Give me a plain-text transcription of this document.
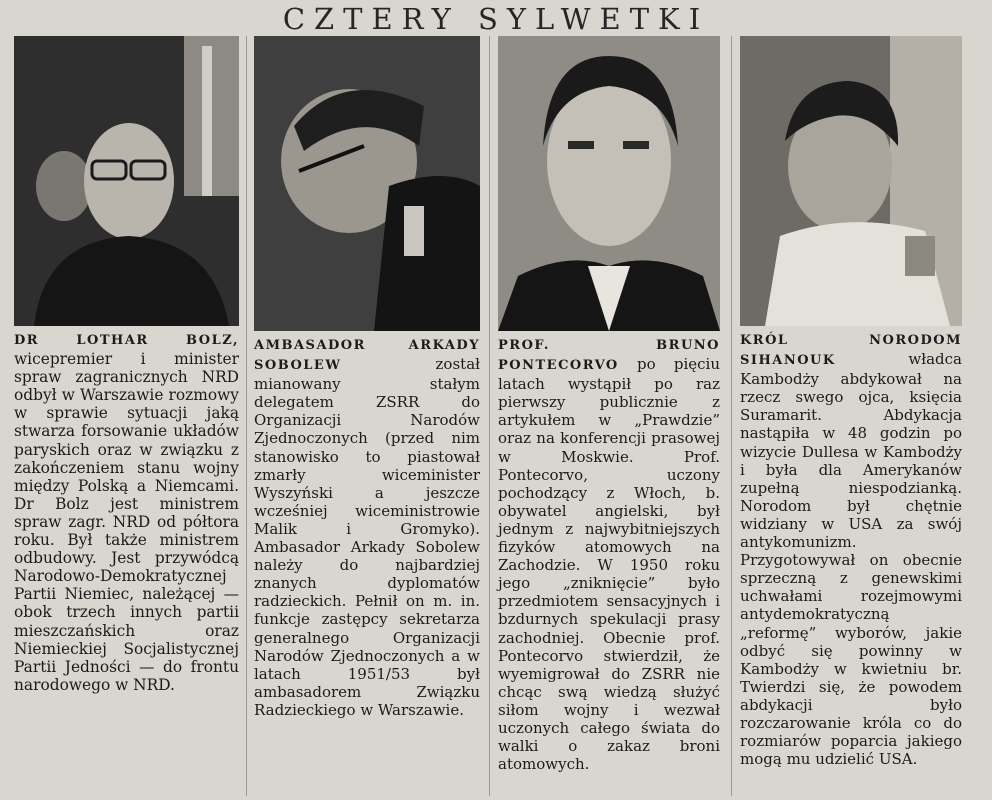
CZTERY SYLWETKI
DR LOTHAR BOLZ, wicepremier i minister spraw zagranicznych NRD odbył w Warszawie rozmowy w sprawie sytuacji jaką stwarza forsowanie układów paryskich oraz w związku z zakończeniem stanu wojny między Polską a Niemcami. Dr Bolz jest ministrem spraw zagr. NRD od półtora roku. Był także ministrem odbudowy. Jest przywódcą Narodowo-Demokratycznej Partii Niemiec, należącej — obok trzech innych partii mieszczańskich oraz Niemieckiej Socjalistycznej Partii Jedności — do frontu narodowego w NRD.
AMBASADOR ARKADY SOBOLEW	został mianowany stałym delegatem ZSRR do Organizacji Narodów Zjednoczonych (przed nim stanowisko to piastował zmarły wiceminister Wyszyński a jeszcze wcześniej wiceministrowie Malik i Gromyko). Ambasador Arkady Sobolew należy do najbardziej znanych dyplomatów radzieckich. Pełnił on m. in. funkcje zastępcy sekretarza generalnego Organizacji Narodów Zjednoczonych a w latach 1951/53 był ambasadorem Związku Radzieckiego w Warszawie.
PROF. BRUNO PONTECORVO po pięciu latach wystąpił po raz pierwszy publicznie z artykułem w „Prawdzie” oraz na konferencji prasowej w Moskwie. Prof. Pontecorvo, uczony pochodzący z Włoch, b. obywatel angielski, był jednym z najwybitniejszych fizyków atomowych na Zachodzie. W 1950 roku jego „zniknięcie” było przedmiotem sensacyjnych i bzdurnych spekulacji prasy zachodniej. Obecnie prof. Pontecorvo stwierdził, że wyemigrował do ZSRR nie chcąc swą wiedzą służyć siłom wojny i wezwał uczonych całego świata do walki o zakaz broni atomowych.
KRÓL NORODOM SIHANOUK	władca Kambodży abdykował na rzecz swego ojca, księcia Suramarit. Abdykacja nastąpiła w 48 godzin po wizycie Dullesa w Kambodży i była dla Amerykanów zupełną niespodzianką. Norodom był chętnie widziany w USA za swój antykomunizm. Przygotowywał on obecnie sprzeczną z genewskimi uchwałami rozejmowymi antydemokratyczną „reformę” wyborów, jakie odbyć się powinny w Kambodży w kwietniu br. Twierdzi się, że powodem abdykacji było rozczarowanie króla co do rozmiarów poparcia jakiego mogą mu udzielić USA.
